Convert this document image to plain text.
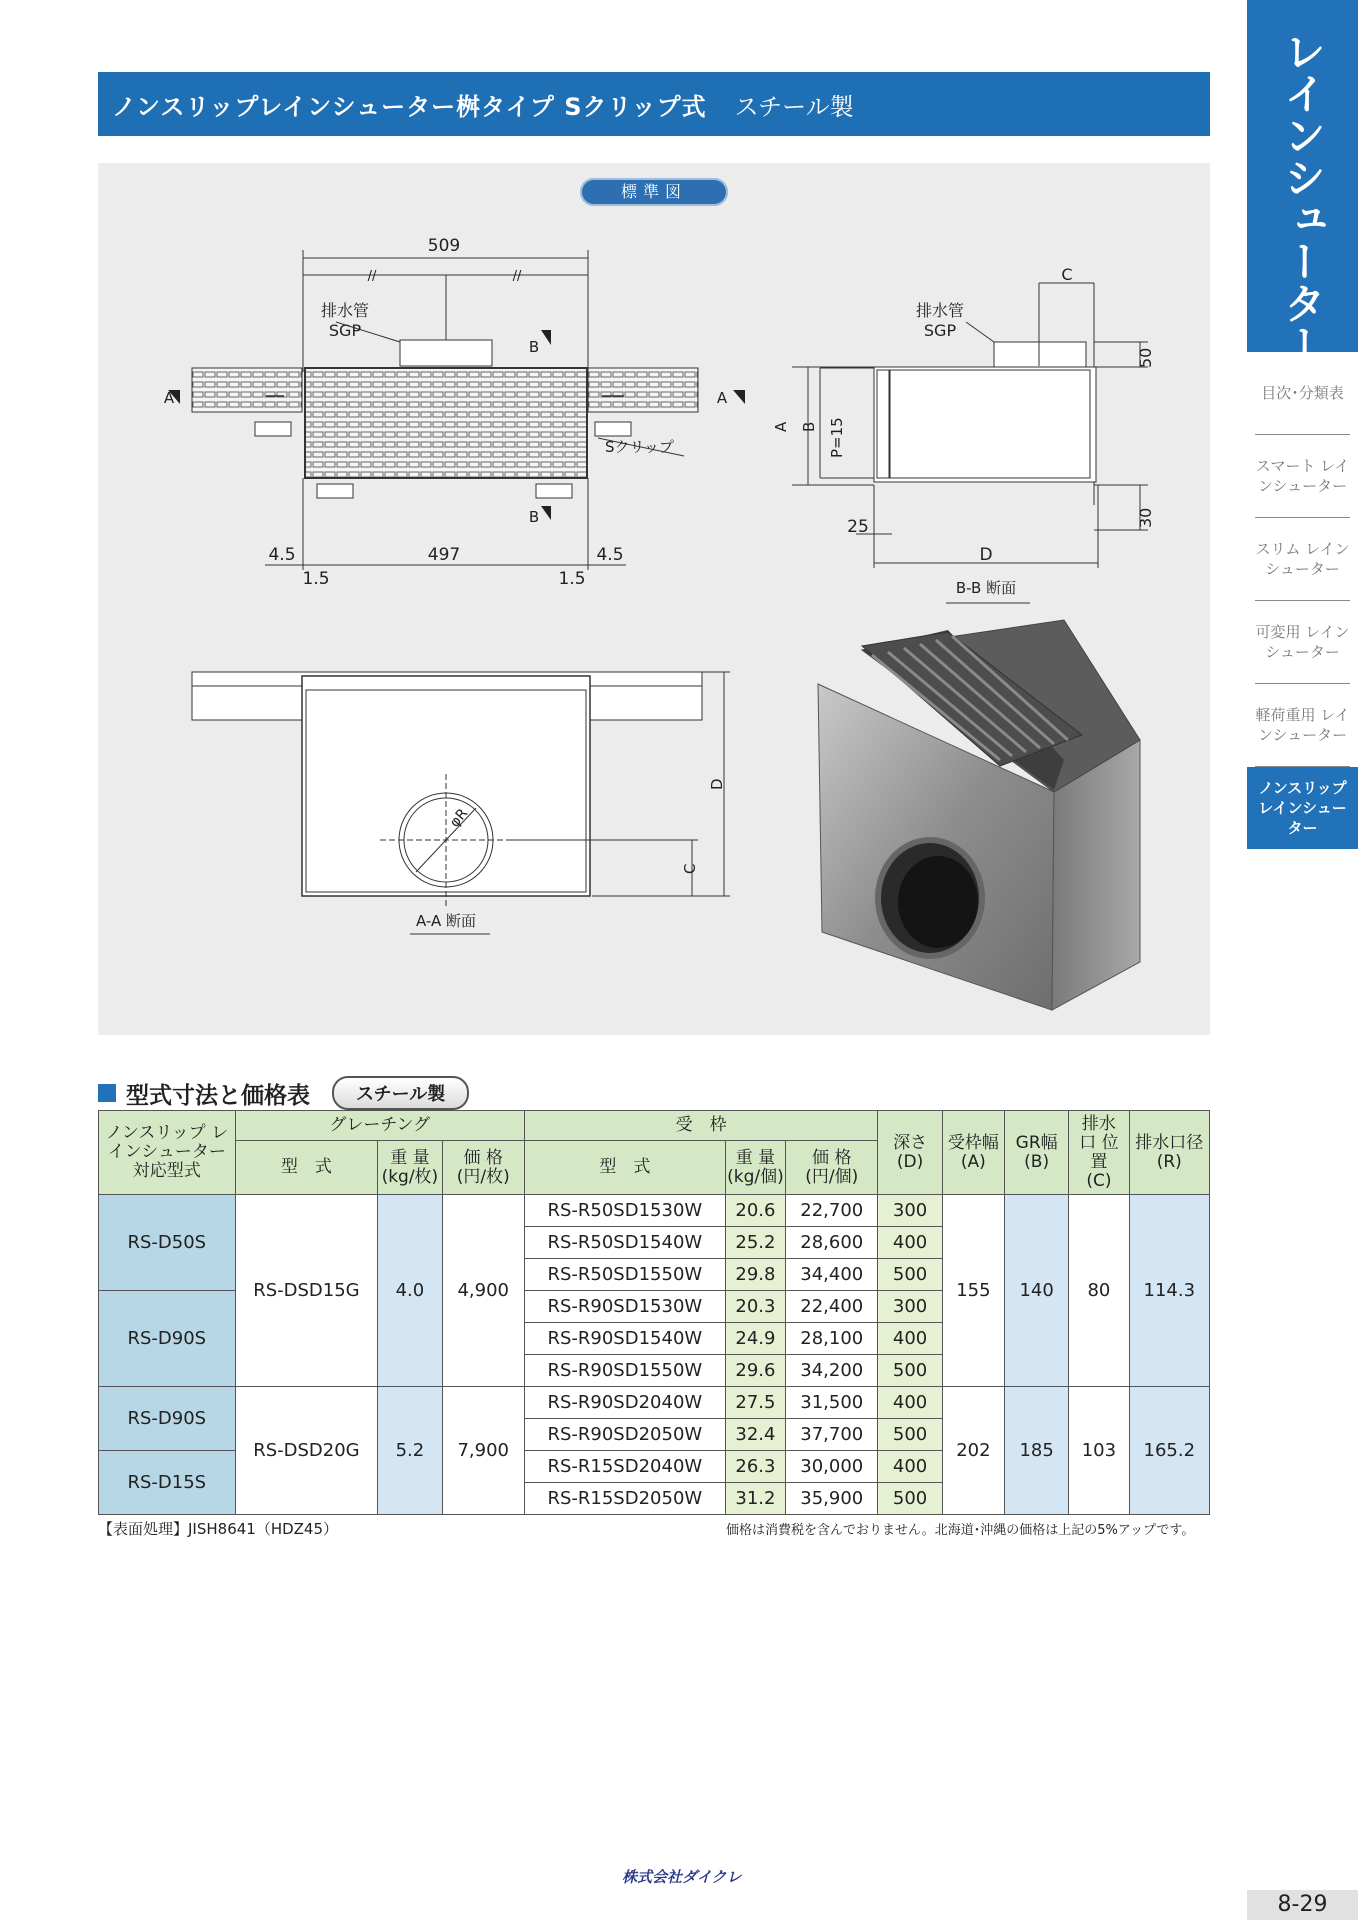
ノンスリップレインシューター桝タイプ Sクリップ式 スチール製	レインシューター
目次･分類表
スマート レインシューター
スリム レインシューター
可変用 レインシューター
軽荷重用 レインシューター
ノンスリップ レインシューター
標準図
509
//	//
排水管
SGP
B
B
A	A
Sクリップ
4.5	497	4.5
1.5	1.5
排水管
SGP
C
50
30
A B P=15
25
D
B-B 断面
D
C
φR
A-A 断面
型式寸法と価格表	スチール製
ノンスリップ レインシューター 対応型式	グレーチング			受　枠			深さ (D)	受枠幅 (A)	GR幅 (B)	排水口 位 置 (C)	排水口径 (R)

	型　式	重 量 (kg/枚)	価 格 (円/枚)	型　式	重 量 (kg/個)	価 格 (円/個)					

RS-D50S	RS-DSD15G	4.0	4,900	RS-R50SD1530W	20.6	22,700	300	155	140	80	114.3
				RS-R50SD1540W	25.2	28,600	400				
				RS-R50SD1550W	29.8	34,400	500				
RS-D90S				RS-R90SD1530W	20.3	22,400	300				
				RS-R90SD1540W	24.9	28,100	400				
				RS-R90SD1550W	29.6	34,200	500				
RS-D90S	RS-DSD20G	5.2	7,900	RS-R90SD2040W	27.5	31,500	400	202	185	103	165.2
				RS-R90SD2050W	32.4	37,700	500				
RS-D15S				RS-R15SD2040W	26.3	30,000	400				
				RS-R15SD2050W	31.2	35,900	500				
【表面処理】JISH8641（HDZ45）	価格は消費税を含んでおりません。北海道･沖縄の価格は上記の5%アップです。
株式会社ダイクレ
8-29
